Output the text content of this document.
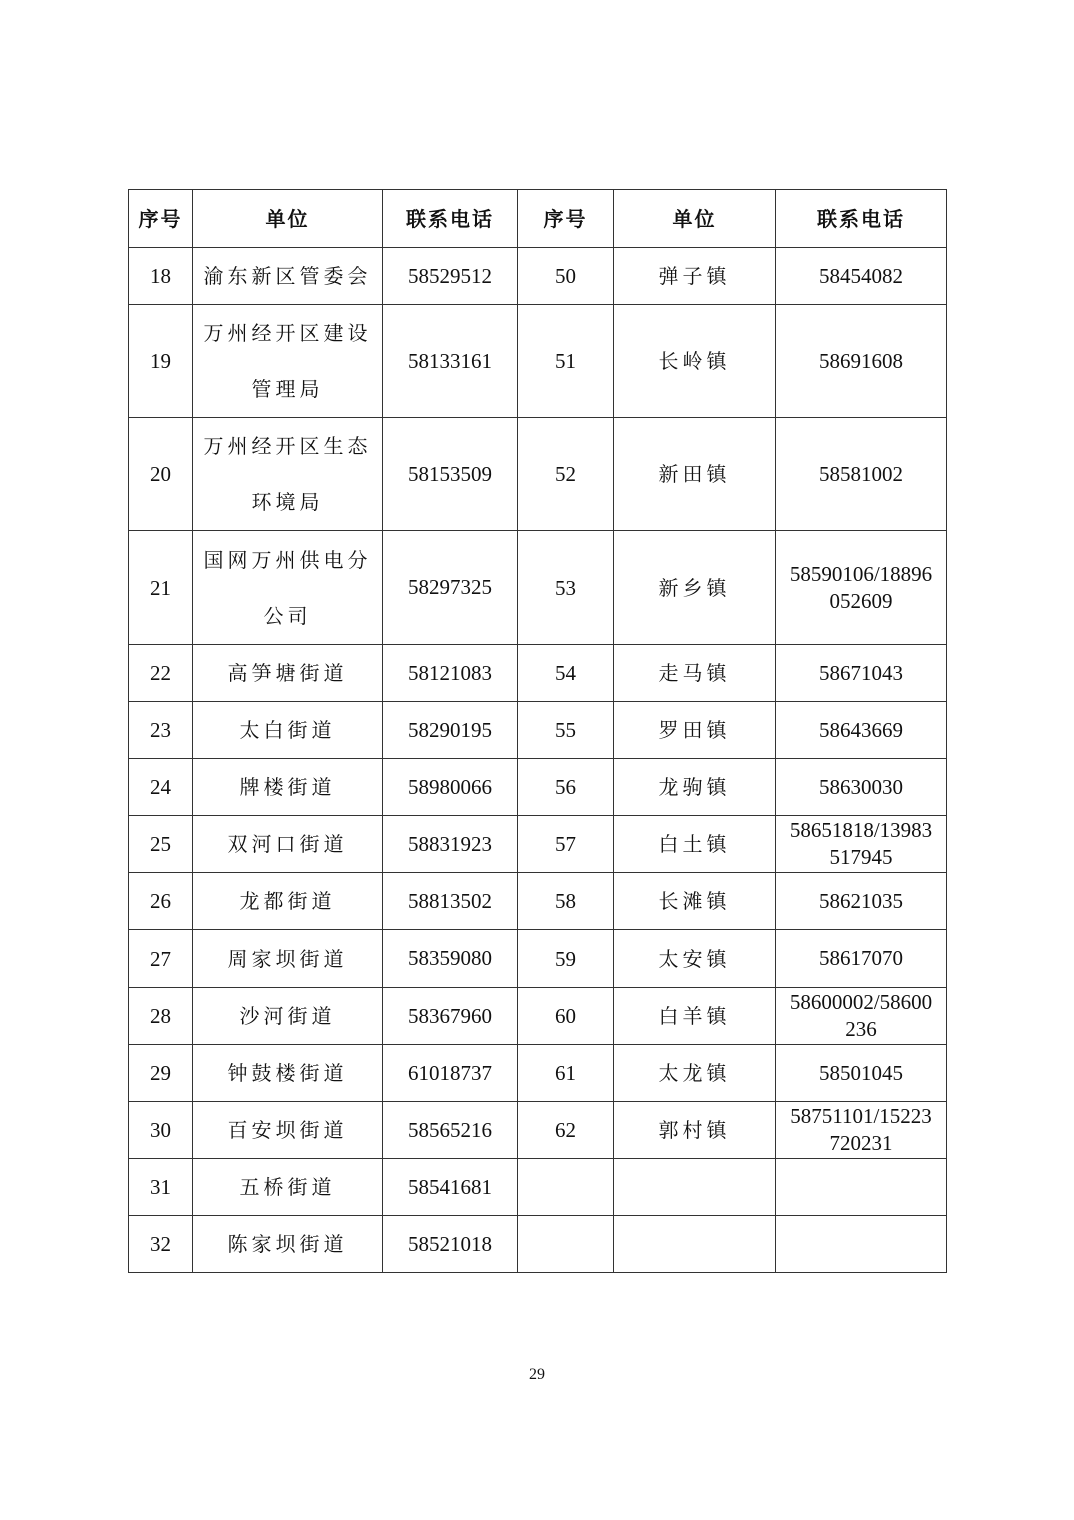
序号	单位	联系电话	序号	单位	联系电话
18	渝东新区管委会	58529512	50	弹子镇	58454082

19	万州经开区建设
管理局	58133161	51	长岭镇	58691608

20	万州经开区生态
环境局	58153509	52	新田镇	58581002

21	国网万州供电分
公司	58297325	53	新乡镇	58590106/18896
052609

22	高笋塘街道	58121083	54	走马镇	58671043

23	太白街道	58290195	55	罗田镇	58643669

24	牌楼街道	58980066	56	龙驹镇	58630030

25	双河口街道	58831923	57	白土镇	58651818/13983
517945

26	龙都街道	58813502	58	长滩镇	58621035

27	周家坝街道	58359080	59	太安镇	58617070

28	沙河街道	58367960	60	白羊镇	58600002/58600
236

29	钟鼓楼街道	61018737	61	太龙镇	58501045

30	百安坝街道	58565216	62	郭村镇	58751101/15223
720231

31	五桥街道	58541681			

32	陈家坝街道	58521018			

29
